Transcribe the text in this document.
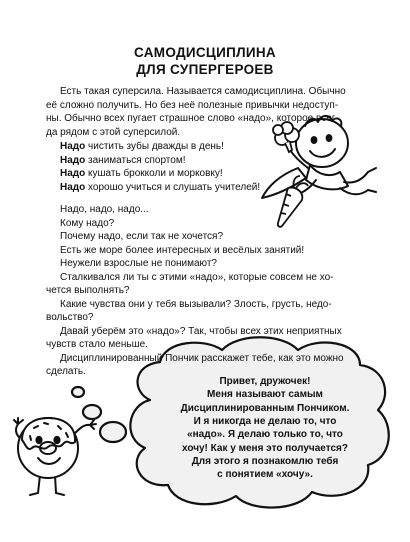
САМОДИСЦИПЛИНА
ДЛЯ СУПЕРГЕРОЕВ
Есть такая суперсила. Называется самодисциплина. Обычно
её сложно получить. Но без неё полезные привычки недоступ-
ны. Обычно всех пугает страшное слово «надо», которое всег-
да рядом с этой суперсилой.
Надо чистить зубы дважды в день!
Надо заниматься спортом!
Надо кушать брокколи и морковку!
Надо хорошо учиться и слушать учителей!
Надо, надо, надо...
Кому надо?
Почему надо, если так не хочется?
Есть же море более интересных и весёлых занятий!
Неужели взрослые не понимают?
Сталкивался ли ты с этими «надо», которые совсем не хо-
чется выполнять?
Какие чувства они у тебя вызывали? Злость, грусть, недо-
вольство?
Давай уберём это «надо»? Так, чтобы всех этих неприятных
чувств стало меньше.
Дисциплинированный Пончик расскажет тебе, как это можно
сделать.
Привет, дружочек!
Меня называют самым
Дисциплинированным Пончиком.
И я никогда не делаю то, что
«надо». Я делаю только то, что
хочу! Как у меня это получается?
Для этого я познакомлю тебя
с понятием «хочу».
